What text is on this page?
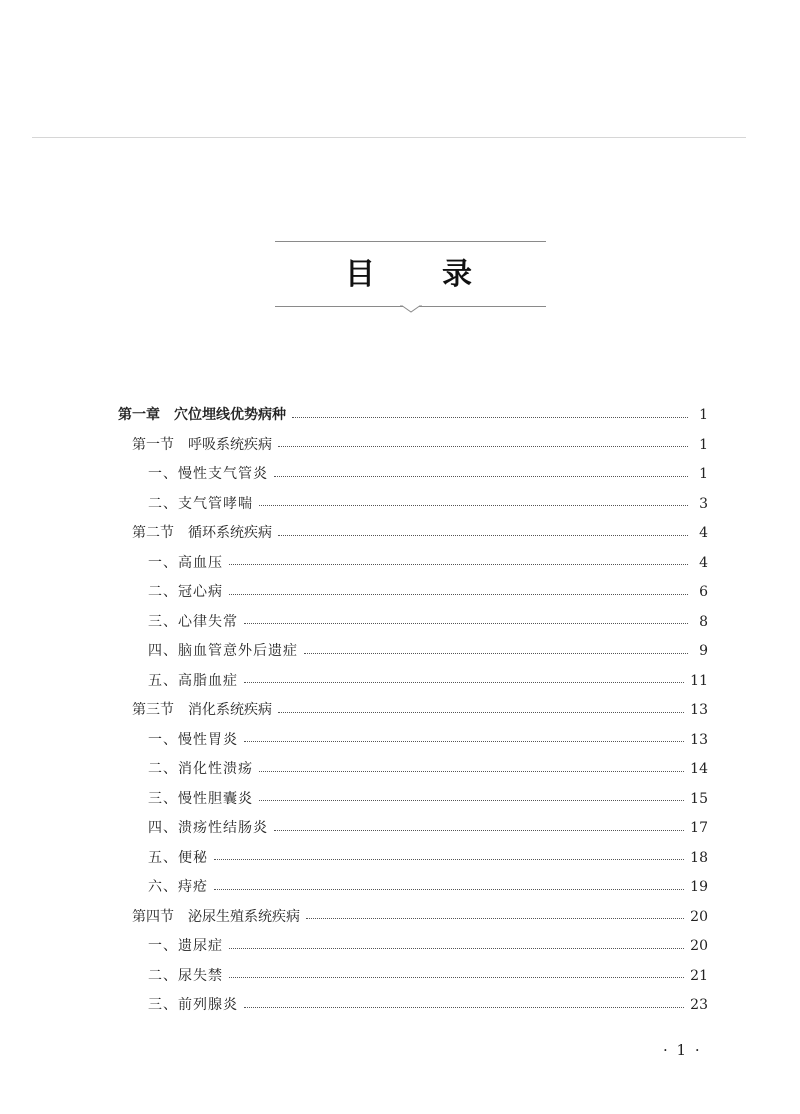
目 录
第一章 穴位埋线优势病种	1
第一节 呼吸系统疾病	1
一、慢性支气管炎	1
二、支气管哮喘	3
第二节 循环系统疾病	4
一、高血压	4
二、冠心病	6
三、心律失常	8
四、脑血管意外后遗症	9
五、高脂血症	11
第三节 消化系统疾病	13
一、慢性胃炎	13
二、消化性溃疡	14
三、慢性胆囊炎	15
四、溃疡性结肠炎	17
五、便秘	18
六、痔疮	19
第四节 泌尿生殖系统疾病	20
一、遗尿症	20
二、尿失禁	21
三、前列腺炎	23
· 1 ·
